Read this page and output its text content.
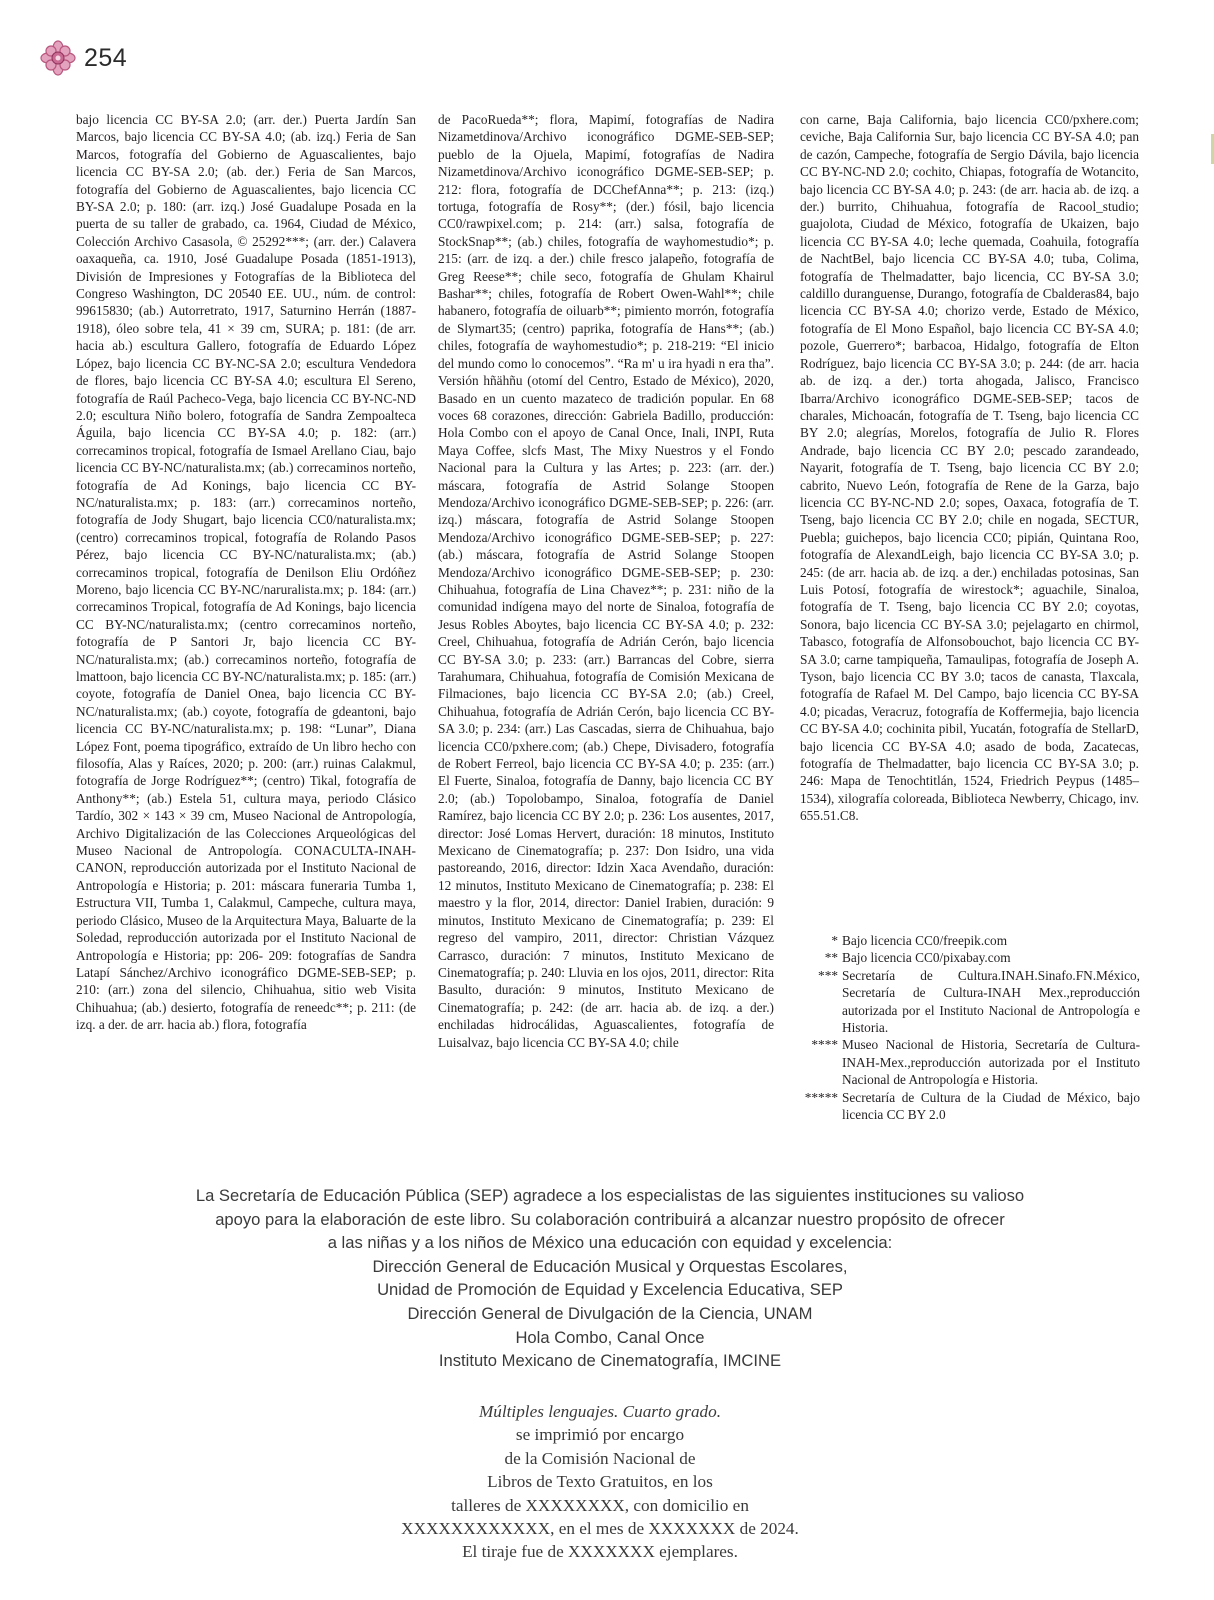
254

bajo licencia CC BY-SA 2.0; (arr. der.) Puerta Jardín San Marcos, bajo licencia CC BY-SA 4.0; (ab. izq.) Feria de San Marcos, fotografía del Gobierno de Aguascalientes, bajo licencia CC BY-SA 2.0; (ab. der.) Feria de San Marcos, fotografía del Gobierno de Aguascalientes, bajo licencia CC BY-SA 2.0; p. 180: (arr. izq.) José Guadalupe Posada en la puerta de su taller de grabado, ca. 1964, Ciudad de México, Colección Archivo Casasola, © 25292***; (arr. der.) Calavera oaxaqueña, ca. 1910, José Guadalupe Posada (1851-1913), División de Impresiones y Fotografías de la Biblioteca del Congreso Washington, DC 20540 EE. UU., núm. de control: 99615830; (ab.) Autorretrato, 1917, Saturnino Herrán (1887-1918), óleo sobre tela, 41 × 39 cm, SURA; p. 181: (de arr. hacia ab.) escultura Gallero, fotografía de Eduardo López López, bajo licencia CC BY-NC-SA 2.0; escultura Vendedora de flores, bajo licencia CC BY-SA 4.0; escultura El Sereno, fotografía de Raúl Pacheco-Vega, bajo licencia CC BY-NC-ND 2.0; escultura Niño bolero, fotografía de Sandra Zempoalteca Águila, bajo licencia CC BY-SA 4.0; p. 182: (arr.) correcaminos tropical, fotografía de Ismael Arellano Ciau, bajo licencia CC BY-NC/naturalista.mx; (ab.) correcaminos norteño, fotografía de Ad Konings, bajo licencia CC BY-NC/naturalista.mx; p. 183: (arr.) correcaminos norteño, fotografía de Jody Shugart, bajo licencia CC0/naturalista.mx; (centro) correcaminos tropical, fotografía de Rolando Pasos Pérez, bajo licencia CC BY-NC/naturalista.mx; (ab.) correcaminos tropical, fotografía de Denilson Eliu Ordóñez Moreno, bajo licencia CC BY-NC/naruralista.mx; p. 184: (arr.) correcaminos Tropical, fotografía de Ad Konings, bajo licencia CC BY-NC/naturalista.mx; (centro correcaminos norteño, fotografía de P Santori Jr, bajo licencia CC BY-NC/naturalista.mx; (ab.) correcaminos norteño, fotografía de lmattoon, bajo licencia CC BY-NC/naturalista.mx; p. 185: (arr.) coyote, fotografía de Daniel Onea, bajo licencia CC BY-NC/naturalista.mx; (ab.) coyote, fotografía de gdeantoni, bajo licencia CC BY-NC/naturalista.mx; p. 198: “Lunar”, Diana López Font, poema tipográfico, extraído de Un libro hecho con filosofía, Alas y Raíces, 2020; p. 200: (arr.) ruinas Calakmul, fotografía de Jorge Rodríguez**; (centro) Tikal, fotografía de Anthony**; (ab.) Estela 51, cultura maya, periodo Clásico Tardío, 302 × 143 × 39 cm, Museo Nacional de Antropología, Archivo Digitalización de las Colecciones Arqueológicas del Museo Nacional de Antropología. CONACULTA-INAH-CANON, reproducción autorizada por el Instituto Nacional de Antropología e Historia; p. 201: máscara funeraria Tumba 1, Estructura VII, Tumba 1, Calakmul, Campeche, cultura maya, periodo Clásico, Museo de la Arquitectura Maya, Baluarte de la Soledad, reproducción autorizada por el Instituto Nacional de Antropología e Historia; pp: 206- 209: fotografías de Sandra Latapí Sánchez/Archivo iconográfico DGME-SEB-SEP; p. 210: (arr.) zona del silencio, Chihuahua, sitio web Visita Chihuahua; (ab.) desierto, fotografía de reneedc**; p. 211: (de izq. a der. de arr. hacia ab.) flora, fotografía

de PacoRueda**; flora, Mapimí, fotografías de Nadira Nizametdinova/Archivo iconográfico DGME-SEB-SEP; pueblo de la Ojuela, Mapimí, fotografías de Nadira Nizametdinova/Archivo iconográfico DGME-SEB-SEP; p. 212: flora, fotografía de DCChefAnna**; p. 213: (izq.) tortuga, fotografía de Rosy**; (der.) fósil, bajo licencia CC0/rawpixel.com; p. 214: (arr.) salsa, fotografía de StockSnap**; (ab.) chiles, fotografía de wayhomestudio*; p. 215: (arr. de izq. a der.) chile fresco jalapeño, fotografía de Greg Reese**; chile seco, fotografía de Ghulam Khairul Bashar**; chiles, fotografía de Robert Owen-Wahl**; chile habanero, fotografía de oiluarb**; pimiento morrón, fotografía de Slymart35; (centro) paprika, fotografía de Hans**; (ab.) chiles, fotografía de wayhomestudio*; p. 218-219: “El inicio del mundo como lo conocemos”. “Ra m' u ira hyadi n era tha”. Versión hñähñu (otomí del Centro, Estado de México), 2020, Basado en un cuento mazateco de tradición popular. En 68 voces 68 corazones, dirección: Gabriela Badillo, producción: Hola Combo con el apoyo de Canal Once, Inali, INPI, Ruta Maya Coffee, slcfs Mast, The Mixy Nuestros y el Fondo Nacional para la Cultura y las Artes; p. 223: (arr. der.) máscara, fotografía de Astrid Solange Stoopen Mendoza/Archivo iconográfico DGME-SEB-SEP; p. 226: (arr. izq.) máscara, fotografía de Astrid Solange Stoopen Mendoza/Archivo iconográfico DGME-SEB-SEP; p. 227: (ab.) máscara, fotografía de Astrid Solange Stoopen Mendoza/Archivo iconográfico DGME-SEB-SEP; p. 230: Chihuahua, fotografía de Lina Chavez**; p. 231: niño de la comunidad indígena mayo del norte de Sinaloa, fotografía de Jesus Robles Aboytes, bajo licencia CC BY-SA 4.0; p. 232: Creel, Chihuahua, fotografía de Adrián Cerón, bajo licencia CC BY-SA 3.0; p. 233: (arr.) Barrancas del Cobre, sierra Tarahumara, Chihuahua, fotografía de Comisión Mexicana de Filmaciones, bajo licencia CC BY-SA 2.0; (ab.) Creel, Chihuahua, fotografía de Adrián Cerón, bajo licencia CC BY-SA 3.0; p. 234: (arr.) Las Cascadas, sierra de Chihuahua, bajo licencia CC0/pxhere.com; (ab.) Chepe, Divisadero, fotografía de Robert Ferreol, bajo licencia CC BY-SA 4.0; p. 235: (arr.) El Fuerte, Sinaloa, fotografía de Danny, bajo licencia CC BY 2.0; (ab.) Topolobampo, Sinaloa, fotografía de Daniel Ramírez, bajo licencia CC BY 2.0; p. 236: Los ausentes, 2017, director: José Lomas Hervert, duración: 18 minutos, Instituto Mexicano de Cinematografía; p. 237: Don Isidro, una vida pastoreando, 2016, director: Idzin Xaca Avendaño, duración: 12 minutos, Instituto Mexicano de Cinematografía; p. 238: El maestro y la flor, 2014, director: Daniel Irabien, duración: 9 minutos, Instituto Mexicano de Cinematografía; p. 239: El regreso del vampiro, 2011, director: Christian Vázquez Carrasco, duración: 7 minutos, Instituto Mexicano de Cinematografía; p. 240: Lluvia en los ojos, 2011, director: Rita Basulto, duración: 9 minutos, Instituto Mexicano de Cinematografía; p. 242: (de arr. hacia ab. de izq. a der.) enchiladas hidrocálidas, Aguascalientes, fotografía de Luisalvaz, bajo licencia CC BY-SA 4.0; chile

con carne, Baja California, bajo licencia CC0/pxhere.com; ceviche, Baja California Sur, bajo licencia CC BY-SA 4.0; pan de cazón, Campeche, fotografía de Sergio Dávila, bajo licencia CC BY-NC-ND 2.0; cochito, Chiapas, fotografía de Wotancito, bajo licencia CC BY-SA 4.0; p. 243: (de arr. hacia ab. de izq. a der.) burrito, Chihuahua, fotografía de Racool_studio; guajolota, Ciudad de México, fotografía de Ukaizen, bajo licencia CC BY-SA 4.0; leche quemada, Coahuila, fotografía de NachtBel, bajo licencia CC BY-SA 4.0; tuba, Colima, fotografía de Thelmadatter, bajo licencia, CC BY-SA 3.0; caldillo duranguense, Durango, fotografía de Cbalderas84, bajo licencia CC BY-SA 4.0; chorizo verde, Estado de México, fotografía de El Mono Español, bajo licencia CC BY-SA 4.0; pozole, Guerrero*; barbacoa, Hidalgo, fotografía de Elton Rodríguez, bajo licencia CC BY-SA 3.0; p. 244: (de arr. hacia ab. de izq. a der.) torta ahogada, Jalisco, Francisco Ibarra/Archivo iconográfico DGME-SEB-SEP; tacos de charales, Michoacán, fotografía de T. Tseng, bajo licencia CC BY 2.0; alegrías, Morelos, fotografía de Julio R. Flores Andrade, bajo licencia CC BY 2.0; pescado zarandeado, Nayarit, fotografía de T. Tseng, bajo licencia CC BY 2.0; cabrito, Nuevo León, fotografía de Rene de la Garza, bajo licencia CC BY-NC-ND 2.0; sopes, Oaxaca, fotografía de T. Tseng, bajo licencia CC BY 2.0; chile en nogada, SECTUR, Puebla; guichepos, bajo licencia CC0; pipián, Quintana Roo, fotografía de AlexandLeigh, bajo licencia CC BY-SA 3.0; p. 245: (de arr. hacia ab. de izq. a der.) enchiladas potosinas, San Luis Potosí, fotografía de wirestock*; aguachile, Sinaloa, fotografía de T. Tseng, bajo licencia CC BY 2.0; coyotas, Sonora, bajo licencia CC BY-SA 3.0; pejelagarto en chirmol, Tabasco, fotografía de Alfonsobouchot, bajo licencia CC BY-SA 3.0; carne tampiqueña, Tamaulipas, fotografía de Joseph A. Tyson, bajo licencia CC BY 3.0; tacos de canasta, Tlaxcala, fotografía de Rafael M. Del Campo, bajo licencia CC BY-SA 4.0; picadas, Veracruz, fotografía de Koffermejia, bajo licencia CC BY-SA 4.0; cochinita pibil, Yucatán, fotografía de StellarD, bajo licencia CC BY-SA 4.0; asado de boda, Zacatecas, fotografía de Thelmadatter, bajo licencia CC BY-SA 3.0; p. 246: Mapa de Tenochtitlán, 1524, Friedrich Peypus (1485–1534), xilografía coloreada, Biblioteca Newberry, Chicago, inv. 655.51.C8.

* Bajo licencia CC0/freepik.com
** Bajo licencia CC0/pixabay.com
*** Secretaría de Cultura.INAH.Sinafo.FN.México, Secretaría de Cultura-INAH Mex.,reproducción autorizada por el Instituto Nacional de Antropología e Historia.
**** Museo Nacional de Historia, Secretaría de Cultura-INAH-Mex.,reproducción autorizada por el Instituto Nacional de Antropología e Historia.
***** Secretaría de Cultura de la Ciudad de México, bajo licencia CC BY 2.0

La Secretaría de Educación Pública (SEP) agradece a los especialistas de las siguientes instituciones su valioso

apoyo para la elaboración de este libro. Su colaboración contribuirá a alcanzar nuestro propósito de ofrecer

a las niñas y a los niños de México una educación con equidad y excelencia:

Dirección General de Educación Musical y Orquestas Escolares,

Unidad de Promoción de Equidad y Excelencia Educativa, SEP

Dirección General de Divulgación de la Ciencia, UNAM

Hola Combo, Canal Once

Instituto Mexicano de Cinematografía, IMCINE

Múltiples lenguajes. Cuarto grado.

se imprimió por encargo

de la Comisión Nacional de

Libros de Texto Gratuitos, en los

talleres de XXXXXXXX, con domicilio en

XXXXXXXXXXXX, en el mes de XXXXXXX de 2024.

El tiraje fue de XXXXXXX ejemplares.
